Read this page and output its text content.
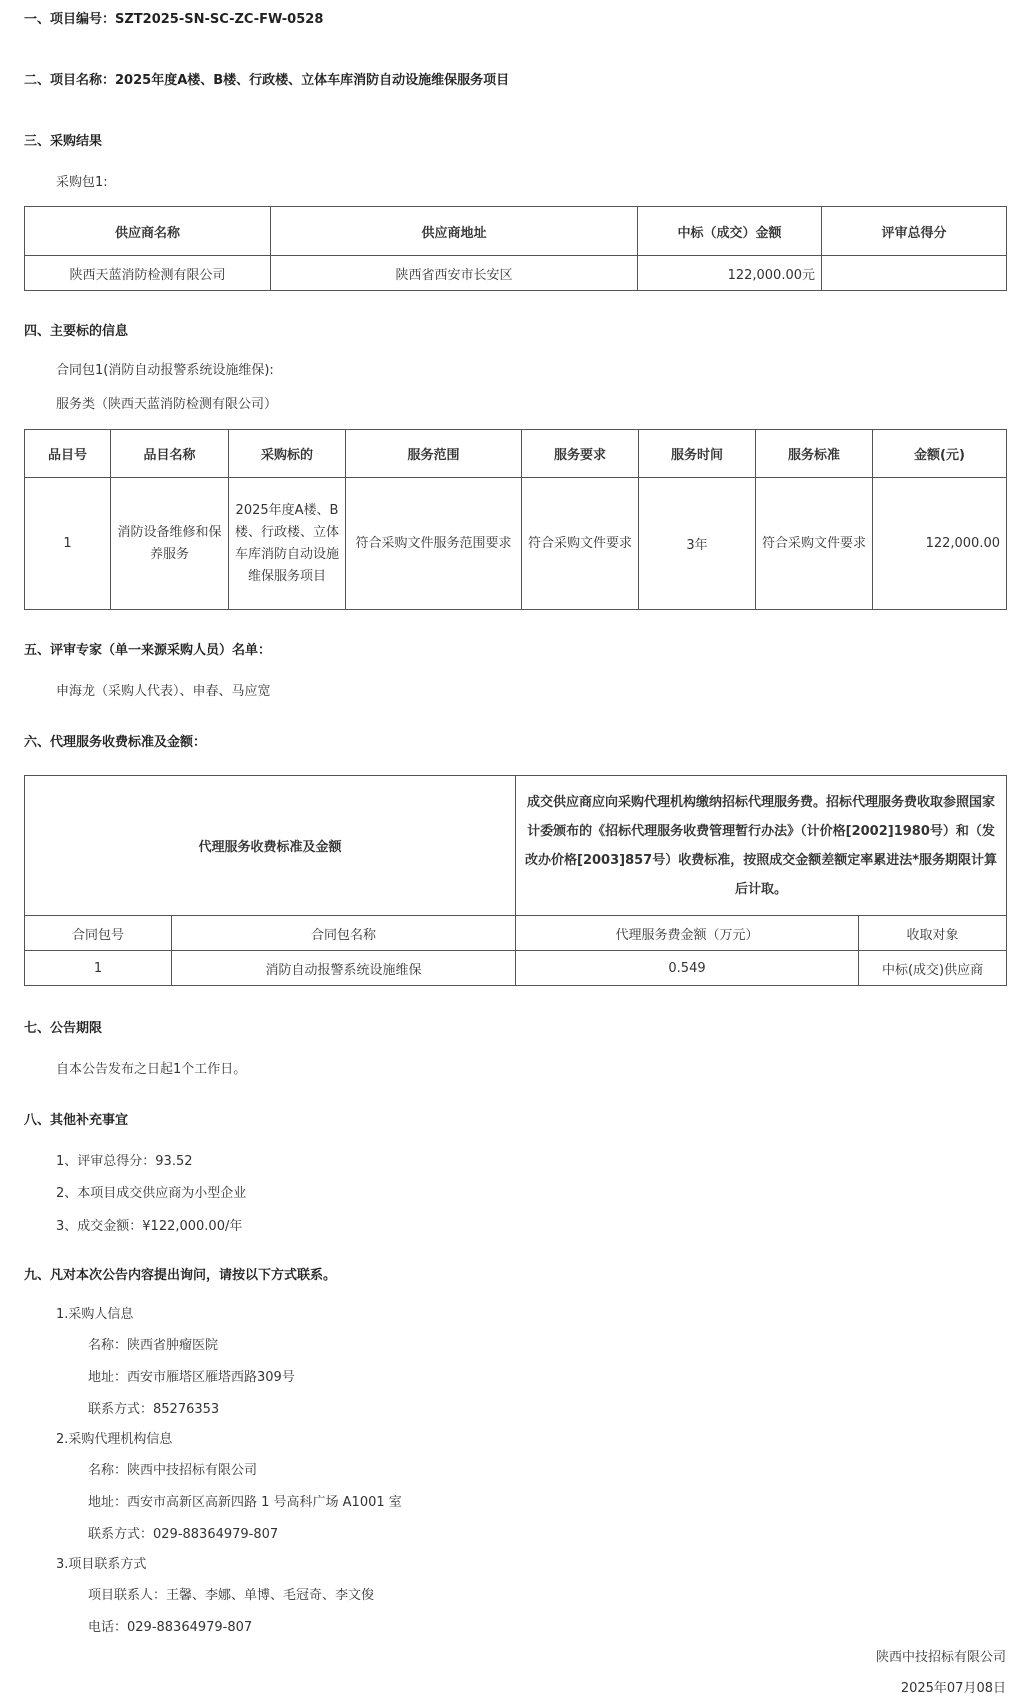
一、项目编号：SZT2025-SN-SC-ZC-FW-0528
二、项目名称：2025年度A楼、B楼、行政楼、立体车库消防自动设施维保服务项目
三、采购结果
采购包1:
供应商名称	供应商地址	中标（成交）金额	评审总得分
陕西天蓝消防检测有限公司	陕西省西安市长安区	122,000.00元	
四、主要标的信息
合同包1(消防自动报警系统设施维保):
服务类（陕西天蓝消防检测有限公司）
品目号	品目名称	采购标的	服务范围	服务要求	服务时间	服务标准	金额(元)
1	消防设备维修和保养服务	2025年度A楼、B楼、行政楼、立体车库消防自动设施维保服务项目	符合采购文件服务范围要求	符合采购文件要求	3年	符合采购文件要求	122,000.00
五、评审专家（单一来源采购人员）名单：
申海龙（采购人代表）、申春、马应宽
六、代理服务收费标准及金额：
代理服务收费标准及金额		成交供应商应向采购代理机构缴纳招标代理服务费。招标代理服务费收取参照国家计委颁布的《招标代理服务收费管理暂行办法》（计价格[2002]1980号）和（发改办价格[2003]857号）收费标准，按照成交金额差额定率累进法*服务期限计算后计取。	
合同包号	合同包名称	代理服务费金额（万元）	收取对象
1	消防自动报警系统设施维保	0.549	中标(成交)供应商
七、公告期限
自本公告发布之日起1个工作日。
八、其他补充事宜
1、评审总得分：93.52
2、本项目成交供应商为小型企业
3、成交金额：¥122,000.00/年
九、凡对本次公告内容提出询问，请按以下方式联系。
1.采购人信息
名称：陕西省肿瘤医院
地址：西安市雁塔区雁塔西路309号
联系方式：85276353
2.采购代理机构信息
名称：陕西中技招标有限公司
地址：西安市高新区高新四路 1 号高科广场 A1001 室
联系方式：029-88364979-807
3.项目联系方式
项目联系人：王馨、李娜、单博、毛冠奇、李文俊
电话：029-88364979-807
陕西中技招标有限公司
2025年07月08日
